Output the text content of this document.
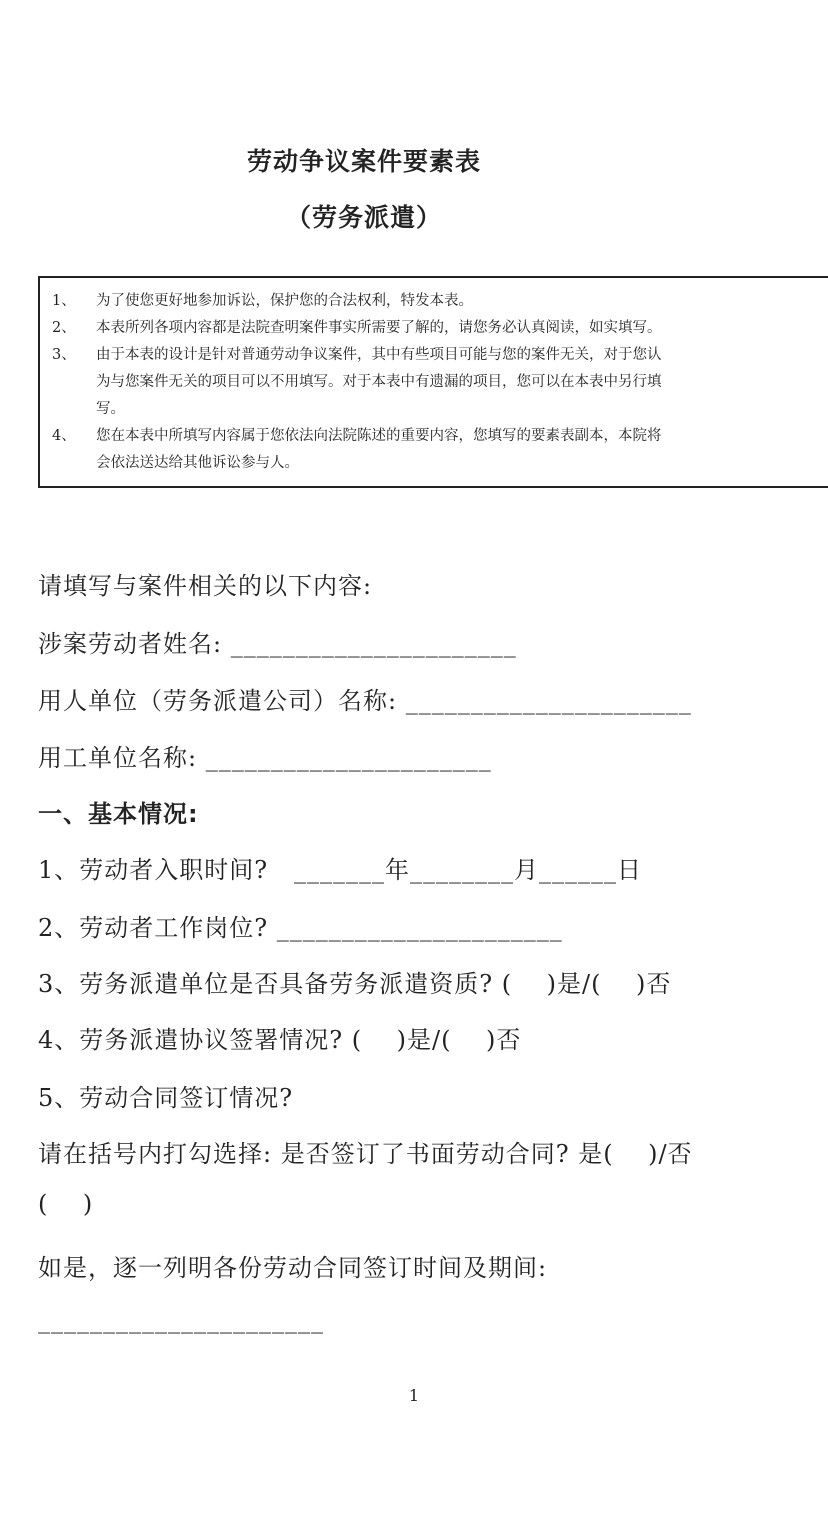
劳动争议案件要素表
（劳务派遣）
1、	为了使您更好地参加诉讼，保护您的合法权利，特发本表。
2、	本表所列各项内容都是法院查明案件事实所需要了解的，请您务必认真阅读，如实填写。
3、	由于本表的设计是针对普通劳动争议案件，其中有些项目可能与您的案件无关，对于您认
为与您案件无关的项目可以不用填写。对于本表中有遗漏的项目，您可以在本表中另行填
写。
4、	您在本表中所填写内容属于您依法向法院陈述的重要内容，您填写的要素表副本，本院将
会依法送达给其他诉讼参与人。
请填写与案件相关的以下内容:
涉案劳动者姓名: ______________________
用人单位（劳务派遣公司）名称: ______________________
用工单位名称: ______________________
一、基本情况:
1、劳动者入职时间?   _______年________月______日
2、劳动者工作岗位? ______________________
3、劳务派遣单位是否具备劳务派遣资质? (    )是/(    )否
4、劳务派遣协议签署情况? (    )是/(    )否
5、劳动合同签订情况?
请在括号内打勾选择: 是否签订了书面劳动合同? 是(    )/否
(    )
如是，逐一列明各份劳动合同签订时间及期间:
______________________
1
